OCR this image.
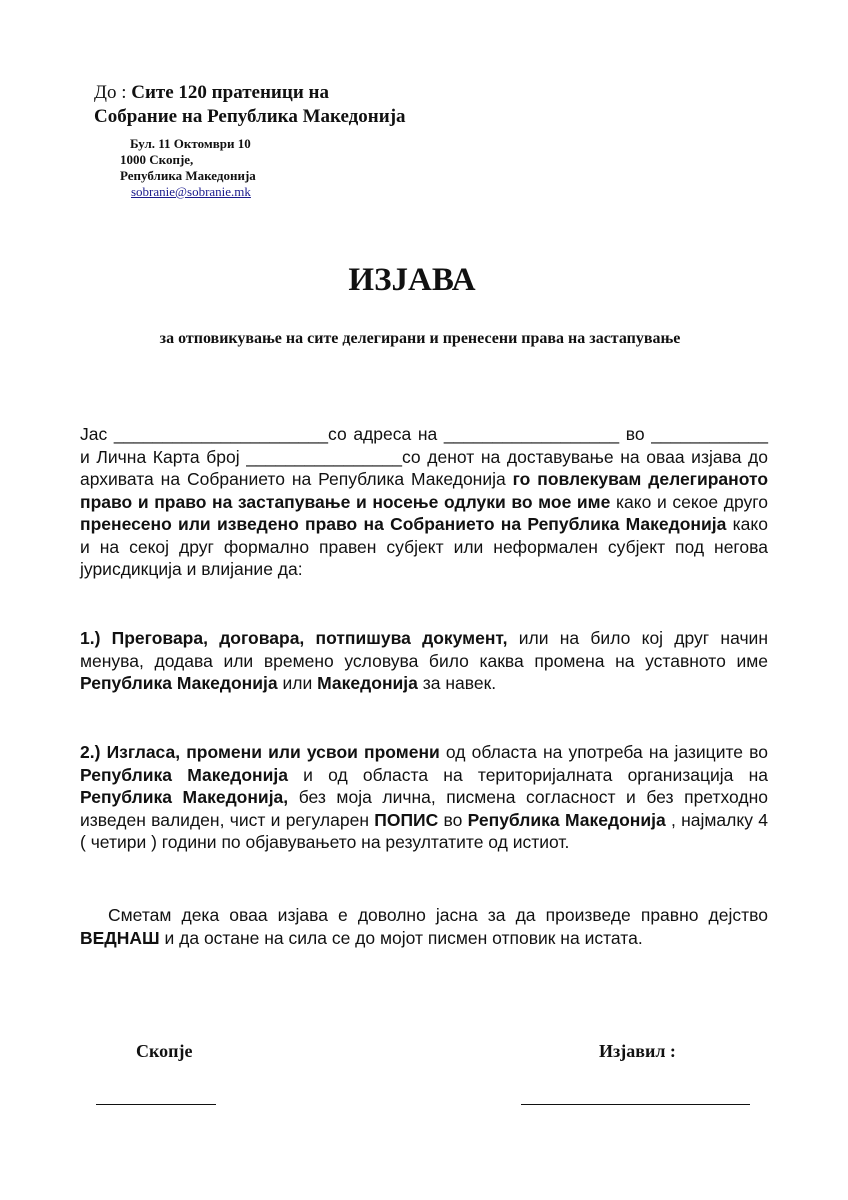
До : Сите 120 пратеници на

Собрание на Република Македонија

Бул. 11 Октомври 10

1000 Скопје,

Република Македонија

sobranie@sobranie.mk

ИЗЈАВА

за отповикување на сите делегирани и пренесени права на застапување

Јас ______________________со адреса на __________________ во ____________ и Лична Карта број ________________со денот на доставување на оваа изјава до архивата на Собранието на Република Македонија го повлекувам делегираното право и право на застапување и носење одлуки во мое име како и секое друго пренесено или изведено право на Собранието на Република Македонија како и на секој друг формално правен субјект или неформален субјект под негова јурисдикција и влијание да:

1.) Преговара, договара, потпишува документ, или на било кој друг начин менува, додава или времено условува било каква промена на уставното име Република Македонија или Македонија за навек.

2.) Изгласа, промени или усвои промени од областа на употреба на јазиците во Република Македонија и од областа на територијалната организација на Република Македонија, без моја лична, писмена согласност и без претходно изведен валиден, чист и регуларен ПОПИС во Република Македонија , најмалку 4 ( четири ) години по објавувањето на резултатите од истиот.

Сметам дека оваа изјава е доволно јасна за да произведе правно дејство ВЕДНАШ и да остане на сила се до мојот писмен отповик на истата.

Скопје	Изјавил :
